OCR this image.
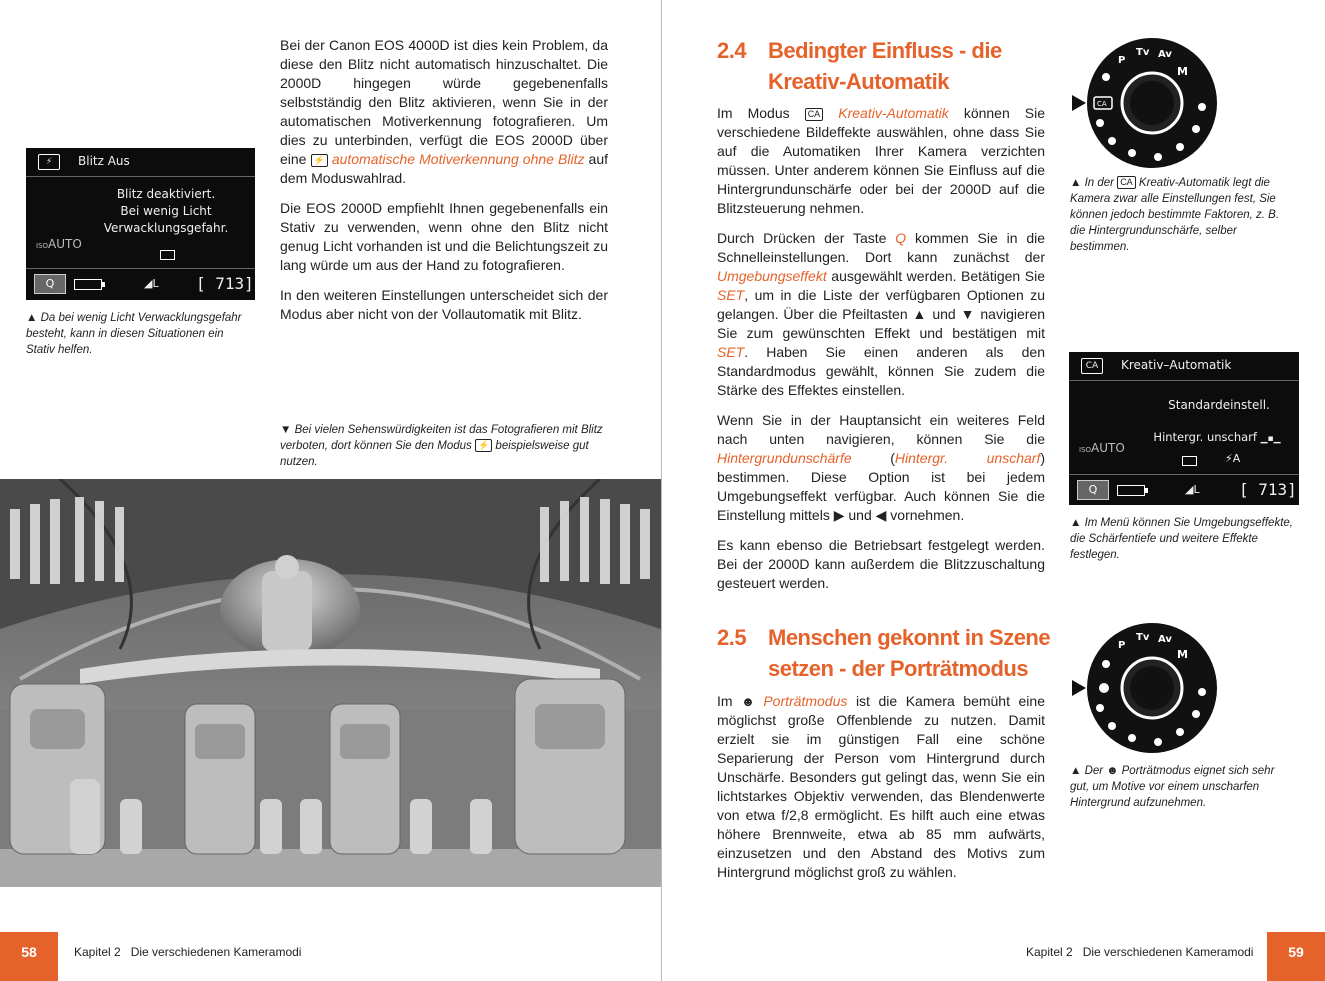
⚡	Blitz Aus
Blitz deaktiviert.
Bei wenig Licht
Verwacklungsgefahr.
ISOAUTO
Q	◢L [ 713]
▲ Da bei wenig Licht Verwacklungsgefahr besteht, kann in diesen Situationen ein Stativ helfen.

Bei der Canon EOS 4000D ist dies kein Problem, da diese den Blitz nicht automatisch hinzuschaltet. Die 2000D hingegen würde gegebenenfalls selbstständig den Blitz aktivieren, wenn Sie in der automatischen Motiverkennung fotografieren. Um dies zu unterbinden, verfügt die EOS 2000D über eine ⚡ automatische Motiverkennung ohne Blitz auf dem Moduswahlrad.

Die EOS 2000D empfiehlt Ihnen gegebenenfalls ein Stativ zu verwenden, wenn ohne den Blitz nicht genug Licht vorhanden ist und die Belichtungszeit zu lang würde um aus der Hand zu fotografieren.

In den weiteren Einstellungen unterscheidet sich der Modus aber nicht von der Vollautomatik mit Blitz.

▼ Bei vielen Sehenswürdigkeiten ist das Fotografieren mit Blitz verboten, dort können Sie den Modus ⚡ beispielsweise gut nutzen.
58	Kapitel 2 Die verschiedenen Kameramodi
2.4 Bedingter Einfluss - die Kreativ-Automatik

Im Modus CA Kreativ-Automatik können Sie verschiedene Bildeffekte auswählen, ohne dass Sie auf die Automatiken Ihrer Kamera verzichten müssen. Unter anderem können Sie Einfluss auf die Hintergrundunschärfe oder bei der 2000D auf die Blitzsteuerung nehmen.

Durch Drücken der Taste Q kommen Sie in die Schnelleinstellungen. Dort kann zunächst der Umgebungseffekt ausgewählt werden. Betätigen Sie SET, um in die Liste der verfügbaren Optionen zu gelangen. Über die Pfeiltasten ▲ und ▼ navigieren Sie zum gewünschten Effekt und bestätigen mit SET. Haben Sie einen anderen als den Standardmodus gewählt, können Sie zudem die Stärke des Effektes einstellen.

Wenn Sie in der Hauptansicht ein weiteres Feld nach unten navigieren, können Sie die Hintergrundunschärfe	(Hintergr. unscharf) bestimmen. Diese Option ist bei jedem Umgebungseffekt verfügbar. Auch können Sie die Einstellung mittels ▶ und ◀ vornehmen.

Es kann ebenso die Betriebsart festgelegt werden. Bei der 2000D kann außerdem die Blitzzuschaltung gesteuert werden.

2.5 Menschen gekonnt in Szene setzen - der Porträtmodus

Im ☻ Porträtmodus ist die Kamera bemüht eine möglichst große Offenblende zu nutzen. Damit erzielt sie im günstigen Fall eine schöne Separierung der Person vom Hintergrund durch Unschärfe. Besonders gut gelingt das, wenn Sie ein lichtstarkes Objektiv verwenden, das Blendenwerte von etwa f/2,8 ermöglicht. Es hilft auch eine etwas höhere Brennweite, etwa ab 85 mm aufwärts, einzusetzen und den Abstand des Motivs zum Hintergrund möglichst groß zu wählen.

M
Av
Tv
P
CA
▲ In der CA Kreativ-Automatik legt die Kamera zwar alle Einstellungen fest, Sie können jedoch bestimmte Faktoren, z. B. die Hintergrundunschärfe, selber bestimmen.
CA	Kreativ–Automatik
Standardeinstell.
Hintergr. unscharf ▁▪▁
ISOAUTO
⚡A
Q	◢L [ 713]
▲ Im Menü können Sie Umgebungseffekte, die Schärfentiefe und weitere Effekte festlegen.
M
Av
Tv
P
▲ Der ☻ Porträtmodus eignet sich sehr gut, um Motive vor einem unscharfen Hintergrund aufzunehmen.
Kapitel 2 Die verschiedenen Kameramodi	59
